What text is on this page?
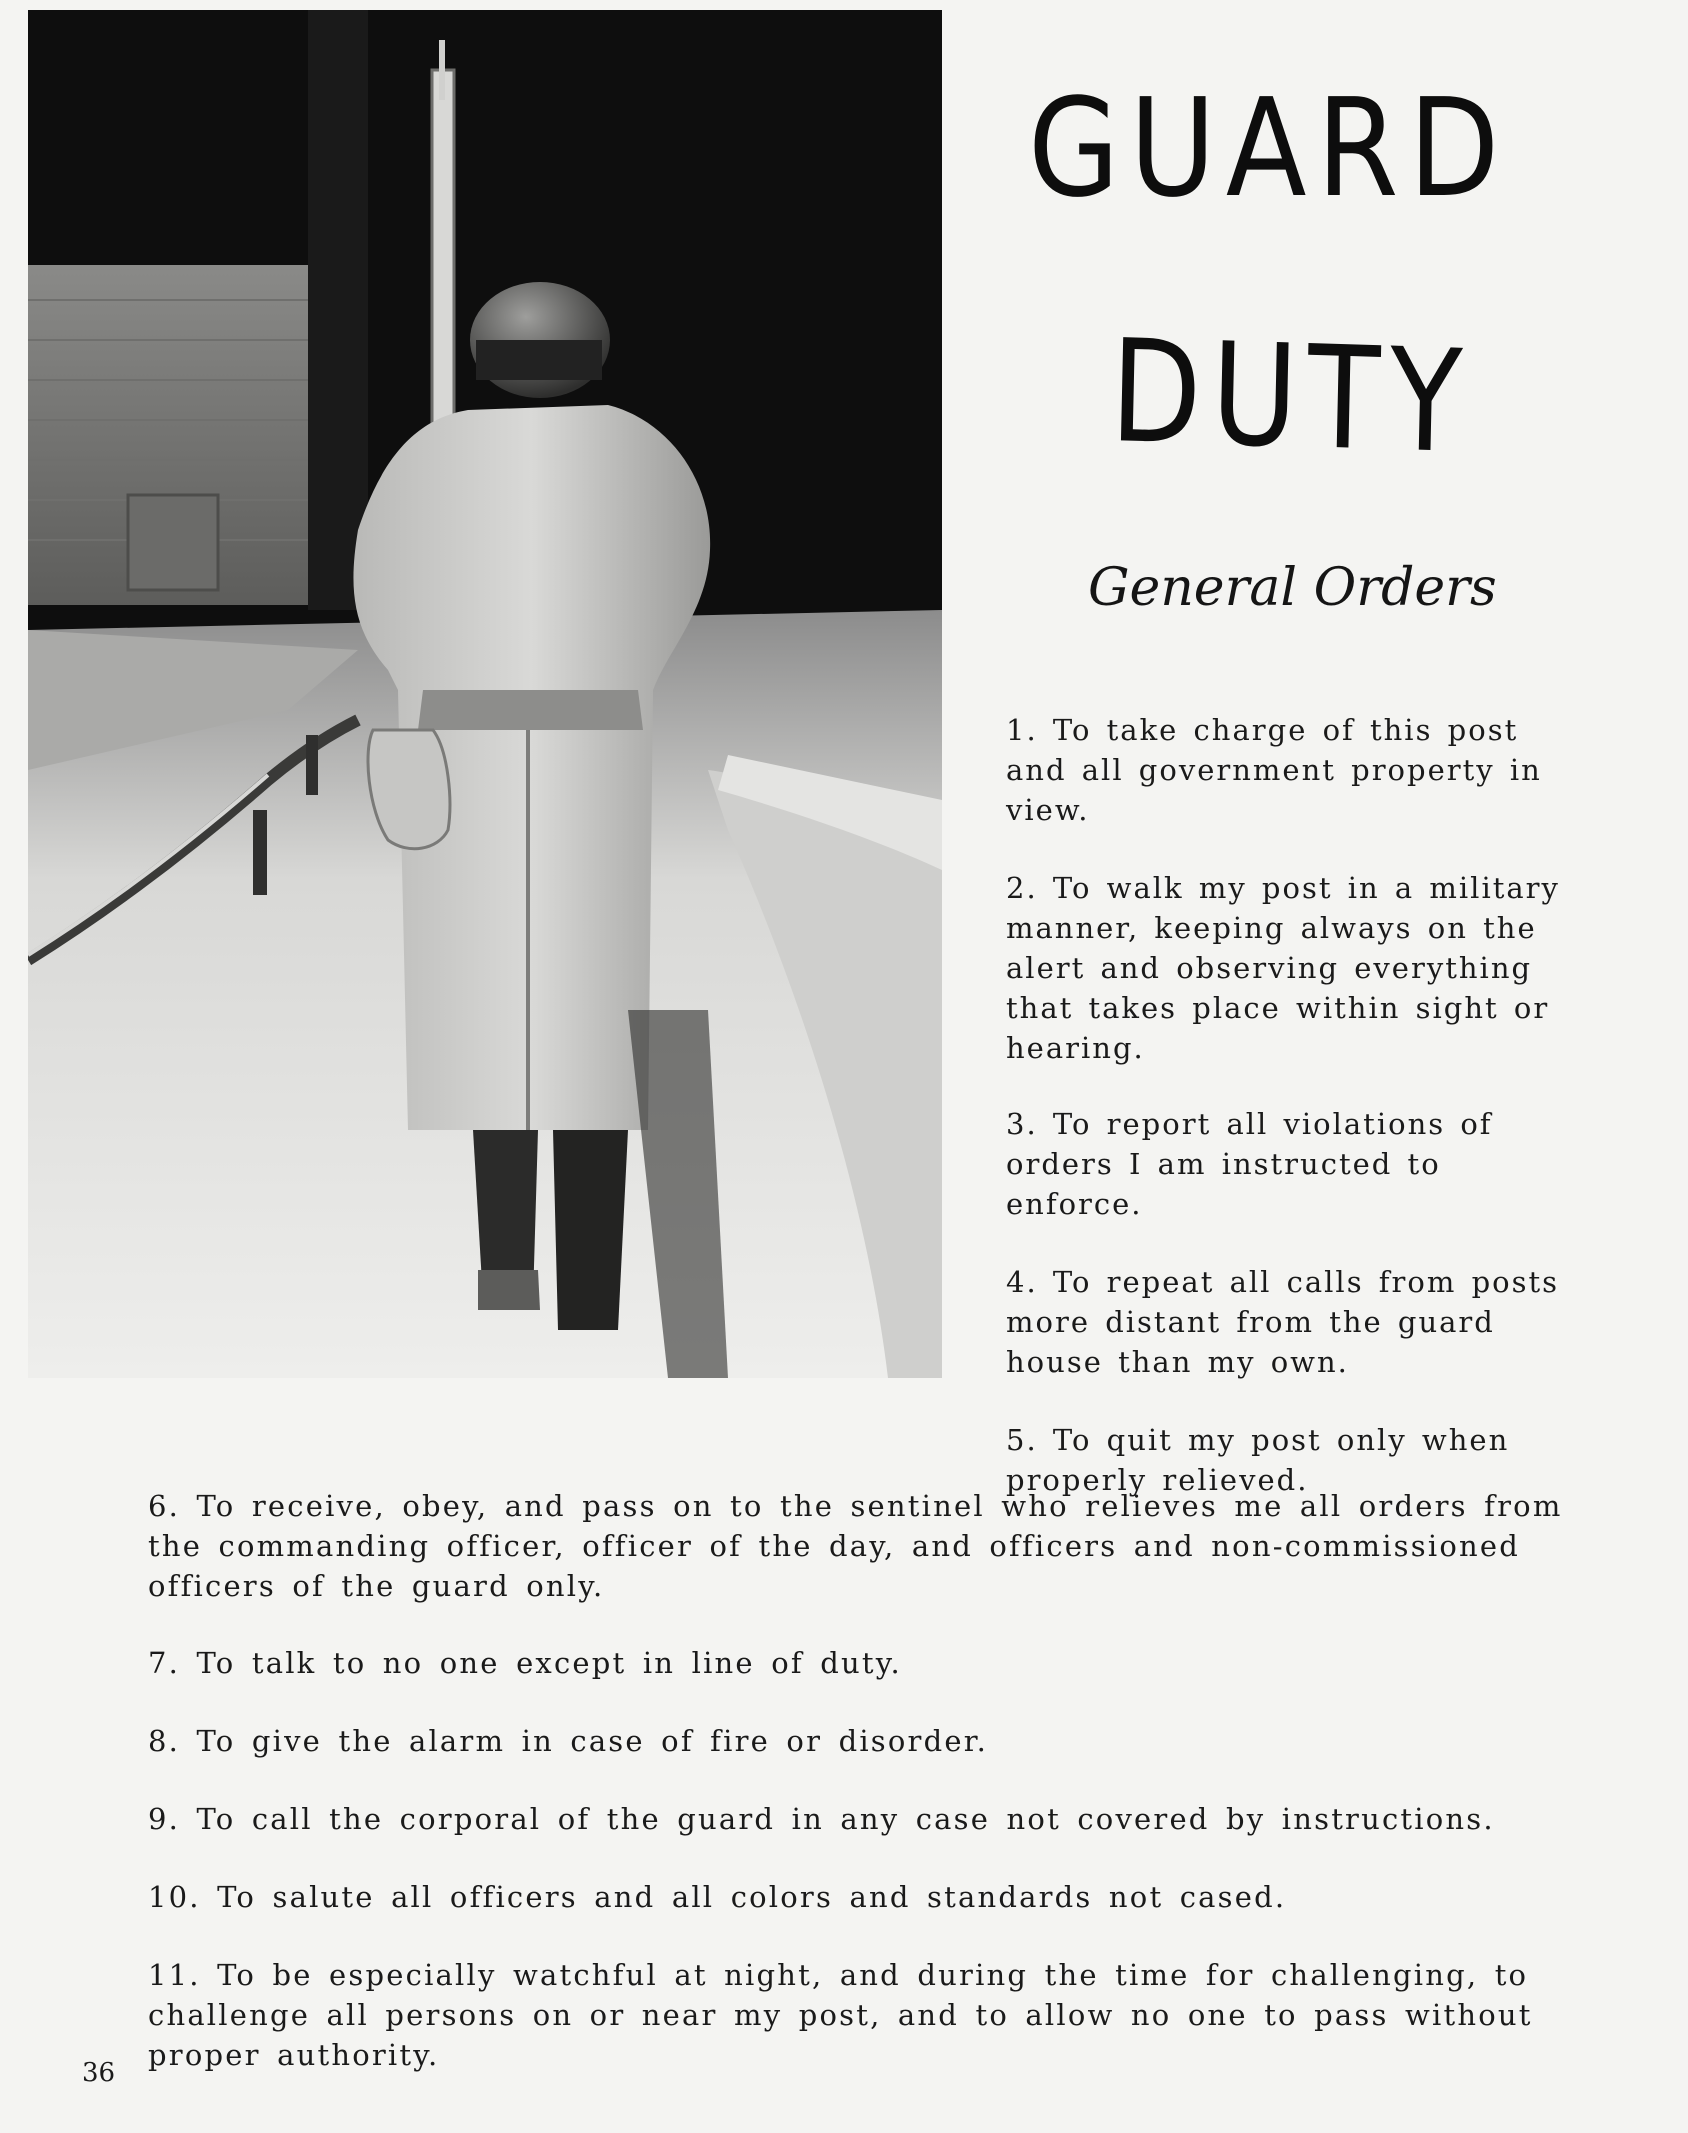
GUARD
DUTY
General Orders

1. To take charge of this post and all government property in view.

2. To walk my post in a military manner, keeping always on the alert and observing everything that takes place within sight or hearing.

3. To report all violations of orders I am instructed to enforce.

4. To repeat all calls from posts more distant from the guard house than my own.

5. To quit my post only when properly relieved.

6. To receive, obey, and pass on to the sentinel who relieves me all orders from the commanding officer, officer of the day, and officers and non-commissioned officers of the guard only.

7. To talk to no one except in line of duty.

8. To give the alarm in case of fire or disorder.

9. To call the corporal of the guard in any case not covered by instructions.

10. To salute all officers and all colors and standards not cased.

11. To be especially watchful at night, and during the time for challenging, to challenge all persons on or near my post, and to allow no one to pass without proper authority.

36
